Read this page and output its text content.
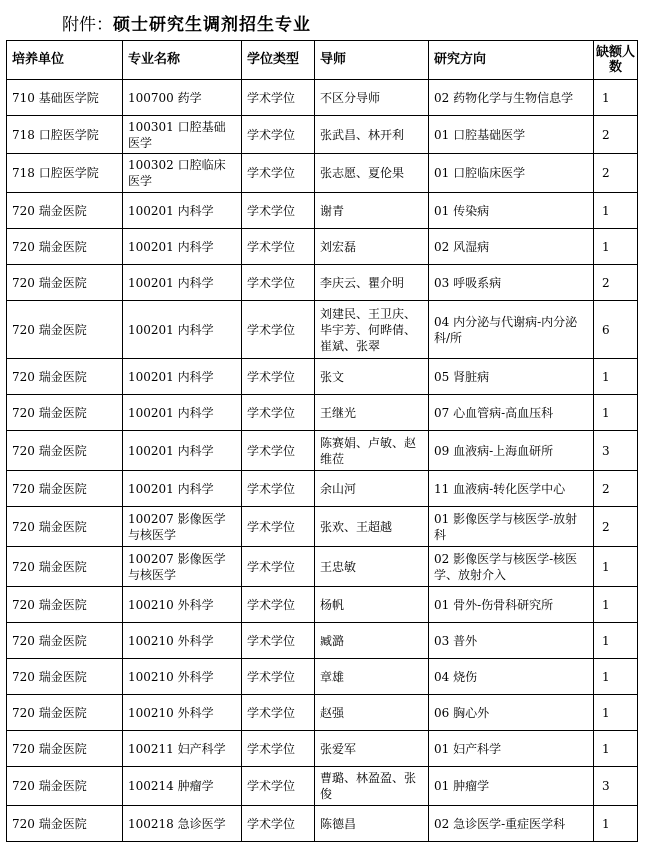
附件：硕士研究生调剂招生专业
培养单位	专业名称	学位类型	导师	研究方向	缺额人数
710 基础医学院	100700 药学	学术学位	不区分导师	02 药物化学与生物信息学	1
718 口腔医学院	100301 口腔基础医学	学术学位	张武昌、林开利	01 口腔基础医学	2
718 口腔医学院	100302 口腔临床医学	学术学位	张志愿、夏伦果	01 口腔临床医学	2
720 瑞金医院	100201 内科学	学术学位	谢青	01 传染病	1
720 瑞金医院	100201 内科学	学术学位	刘宏磊	02 风湿病	1
720 瑞金医院	100201 内科学	学术学位	李庆云、瞿介明	03 呼吸系病	2
720 瑞金医院	100201 内科学	学术学位	刘建民、王卫庆、毕宇芳、何晔倩、崔斌、张翠	04 内分泌与代谢病-内分泌科/所	6
720 瑞金医院	100201 内科学	学术学位	张文	05 肾脏病	1
720 瑞金医院	100201 内科学	学术学位	王继光	07 心血管病-高血压科	1
720 瑞金医院	100201 内科学	学术学位	陈赛娟、卢敏、赵维莅	09 血液病-上海血研所	3
720 瑞金医院	100201 内科学	学术学位	余山河	11 血液病-转化医学中心	2
720 瑞金医院	100207 影像医学与核医学	学术学位	张欢、王超越	01 影像医学与核医学-放射科	2
720 瑞金医院	100207 影像医学与核医学	学术学位	王忠敏	02 影像医学与核医学-核医学、放射介入	1
720 瑞金医院	100210 外科学	学术学位	杨帆	01 骨外-伤骨科研究所	1
720 瑞金医院	100210 外科学	学术学位	臧潞	03 普外	1
720 瑞金医院	100210 外科学	学术学位	章雄	04 烧伤	1
720 瑞金医院	100210 外科学	学术学位	赵强	06 胸心外	1
720 瑞金医院	100211 妇产科学	学术学位	张爱军	01 妇产科学	1
720 瑞金医院	100214 肿瘤学	学术学位	曹璐、林盈盈、张俊	01 肿瘤学	3
720 瑞金医院	100218 急诊医学	学术学位	陈德昌	02 急诊医学-重症医学科	1
